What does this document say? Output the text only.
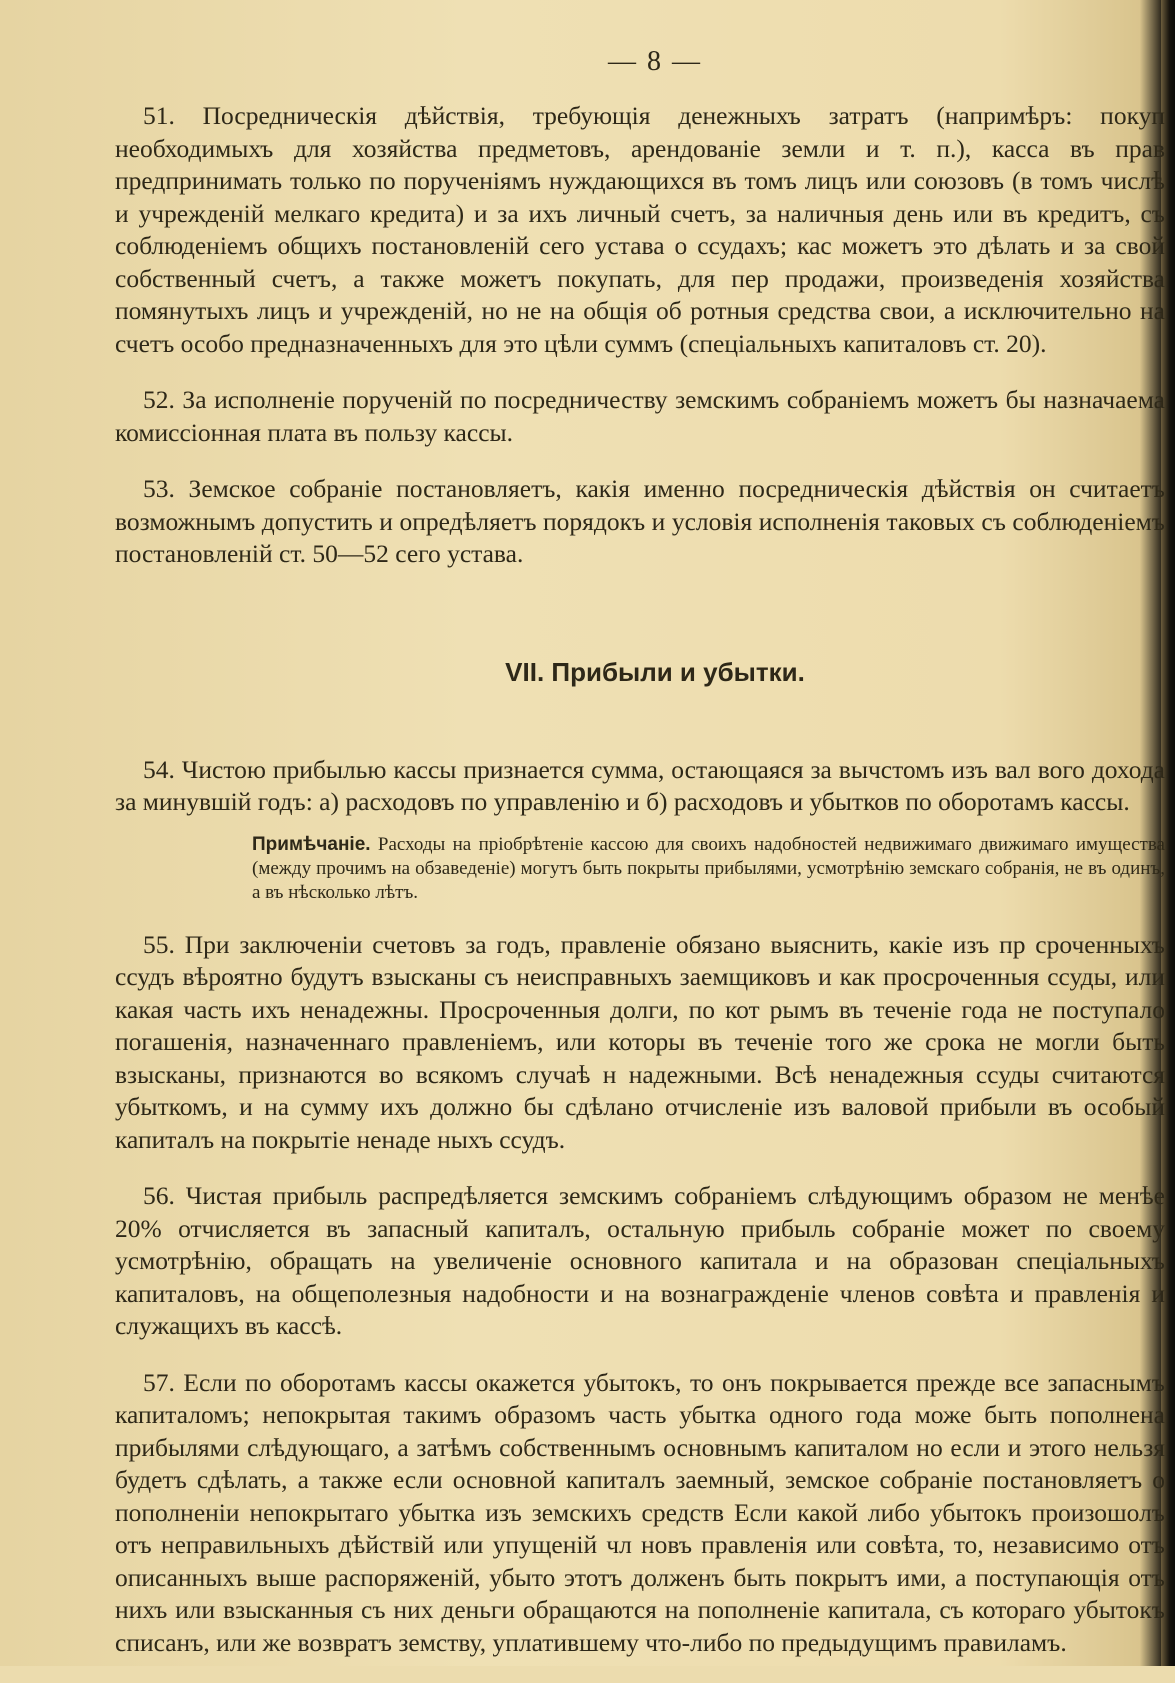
— 8 —

51. Посредническія дѣйствія, требующія денежныхъ затратъ (напримѣръ: покуп необходимыхъ для хозяйства предметовъ, арендованіе земли и т. п.), касса въ прав предпринимать только по порученіямъ нуждающихся въ томъ лицъ или союзовъ (в томъ числѣ и учрежденій мелкаго кредита) и за ихъ личный счетъ, за наличныя день или въ кредитъ, съ соблюденіемъ общихъ постановленій сего устава о ссудахъ; кас можетъ это дѣлать и за свой собственный счетъ, а также можетъ покупать, для пер продажи, произведенія хозяйства помянутыхъ лицъ и учрежденій, но не на общія об ротныя средства свои, а исключительно на счетъ особо предназначенныхъ для это цѣли суммъ (спеціальныхъ капиталовъ ст. 20).

52. За исполненіе порученій по посредничеству земскимъ собраніемъ можетъ бы назначаема комиссіонная плата въ пользу кассы.

53. Земское собраніе постановляетъ, какія именно посредническія дѣйствія он считаетъ возможнымъ допустить и опредѣляетъ порядокъ и условія исполненія таковых съ соблюденіемъ постановленій ст. 50—52 сего устава.

VII. Прибыли и убытки.

54. Чистою прибылью кассы признается сумма, остающаяся за вычстомъ изъ вал вого дохода за минувшій годъ: а) расходовъ по управленію и б) расходовъ и убытков по оборотамъ кассы.

Примѣчаніе. Расходы на пріобрѣтеніе кассою для своихъ надобностей недвижимаго движимаго имущества (между прочимъ на обзаведеніе) могутъ быть покрыты прибылями, усмотрѣнію земскаго собранія, не въ одинъ, а въ нѣсколько лѣтъ.

55. При заключеніи счетовъ за годъ, правленіе обязано выяснить, какіе изъ пр сроченныхъ ссудъ вѣроятно будутъ взысканы съ неисправныхъ заемщиковъ и как просроченныя ссуды, или какая часть ихъ ненадежны. Просроченныя долги, по кот рымъ въ теченіе года не поступало погашенія, назначеннаго правленіемъ, или которы въ теченіе того же срока не могли быть взысканы, признаются во всякомъ случаѣ н надежными. Всѣ ненадежныя ссуды считаются убыткомъ, и на сумму ихъ должно бы сдѣлано отчисленіе изъ валовой прибыли въ особый капиталъ на покрытіе ненаде ныхъ ссудъ.

56. Чистая прибыль распредѣляется земскимъ собраніемъ слѣдующимъ образом не менѣе 20% отчисляется въ запасный капиталъ, остальную прибыль собраніе может по своему усмотрѣнію, обращать на увеличеніе основного капитала и на образован спеціальныхъ капиталовъ, на общеполезныя надобности и на вознагражденіе членов совѣта и правленія и служащихъ въ кассѣ.

57. Если по оборотамъ кассы окажется убытокъ, то онъ покрывается прежде все запаснымъ капиталомъ; непокрытая такимъ образомъ часть убытка одного года може быть пополнена прибылями слѣдующаго, а затѣмъ собственнымъ основнымъ капиталом но если и этого нельзя будетъ сдѣлать, а также если основной капиталъ заемный, земское собраніе постановляетъ о пополненіи непокрытаго убытка изъ земскихъ средств Если какой либо убытокъ произошолъ отъ неправильныхъ дѣйствій или упущеній чл новъ правленія или совѣта, то, независимо отъ описанныхъ выше распоряженій, убыто этотъ долженъ быть покрытъ ими, а поступающія отъ нихъ или взысканныя съ них деньги обращаются на пополненіе капитала, съ котораго убытокъ списанъ, или же возвратъ земству, уплатившему что-либо по предыдущимъ правиламъ.
